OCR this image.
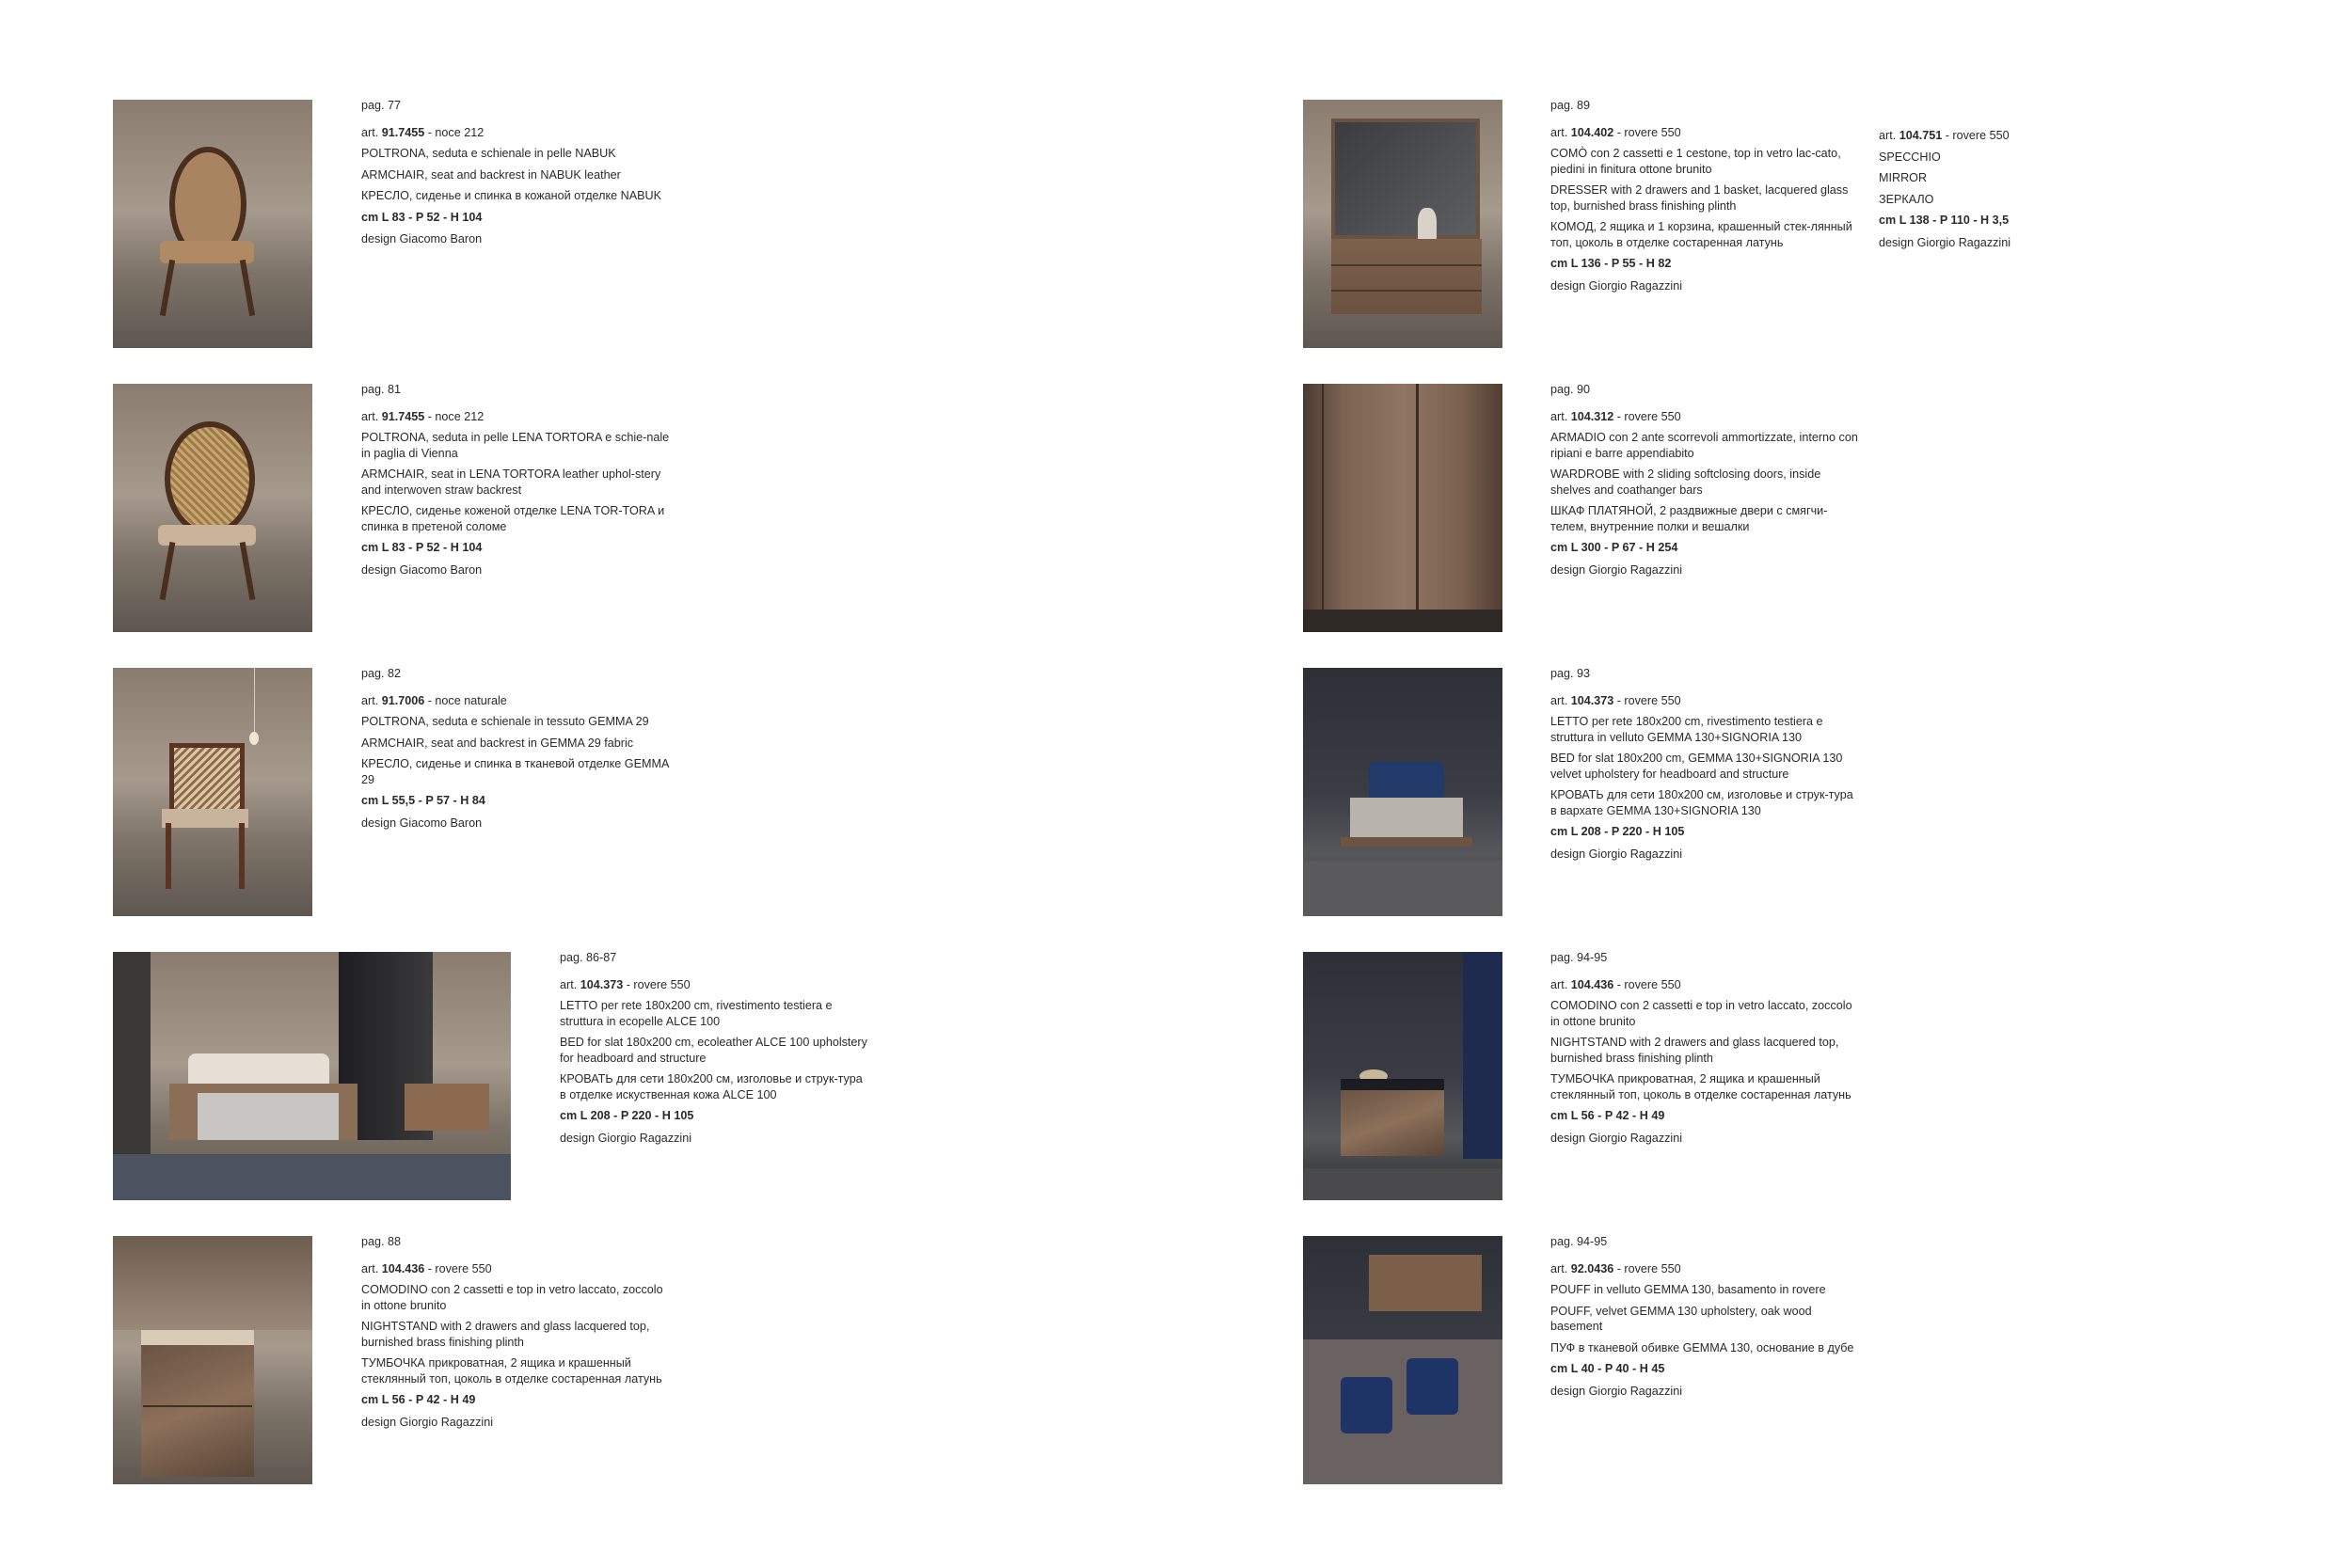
pag. 77
art. 91.7455 - noce 212
POLTRONA, seduta e schienale in pelle NABUK
ARMCHAIR, seat and backrest in NABUK leather
КРЕСЛО, сиденье и спинка в кожаной отделке NABUK
cm L 83 - P 52 - H 104
design Giacomo Baron
pag. 81
art. 91.7455 - noce 212
POLTRONA, seduta in pelle LENA TORTORA e schie-nale in paglia di Vienna
ARMCHAIR, seat in LENA TORTORA leather uphol-stery and interwoven straw backrest
КРЕСЛО, сиденье кожeной отделке LENA TOR-TORA и спинка в претеной соломе
cm L 83 - P 52 - H 104
design Giacomo Baron
pag. 82
art. 91.7006 - noce naturale
POLTRONA, seduta e schienale in tessuto GEMMA 29
ARMCHAIR, seat and backrest in GEMMA 29 fabric
КРЕСЛО, сиденье и спинка в тканевой отделке GEMMA 29
cm L 55,5 - P 57 - H 84
design Giacomo Baron
pag. 86-87
art. 104.373 - rovere 550
LETTO per rete 180x200 cm, rivestimento testiera e struttura in ecopelle ALCE 100
BED for slat 180x200 cm, ecoleather ALCE 100 upholstery for headboard and structure
КРОВАТЬ для сети 180x200 см, изголовье и струк-тура в отделке искуственная кожа ALCE 100
cm L 208 - P 220 - H 105
design Giorgio Ragazzini
pag. 88
art. 104.436 - rovere 550
COMODINO con 2 cassetti e top in vetro laccato, zoccolo in ottone brunito
NIGHTSTAND with 2 drawers and glass lacquered top, burnished brass finishing plinth
ТУМБОЧКА прикроватная, 2 ящика и крашенный стеклянный топ, цоколь в отделке состаренная латунь
cm L 56 - P 42 - H 49
design Giorgio Ragazzini
pag. 89
art. 104.402 - rovere 550
COMÒ con 2 cassetti e 1 cestone, top in vetro lac-cato, piedini in finitura ottone brunito
DRESSER with 2 drawers and 1 basket, lacquered glass top, burnished brass finishing plinth
КОМОД, 2 ящика и 1 корзина, крашенный стек-лянный топ, цоколь в отделке состаренная латунь
cm L 136 - P 55 - H 82
design Giorgio Ragazzini
art. 104.751 - rovere 550
SPECCHIO
MIRROR
ЗЕРКАЛО
cm L 138 - P 110 - H 3,5
design Giorgio Ragazzini
pag. 90
art. 104.312 - rovere 550
ARMADIO con 2 ante scorrevoli ammortizzate, interno con ripiani e barre appendiabito
WARDROBE with 2 sliding softclosing doors, inside shelves and coathanger bars
ШКАФ ПЛАТЯНОЙ, 2 раздвижные двери с смягчи-телем, внутренние полки и вешалки
cm L 300 - P 67 - H 254
design Giorgio Ragazzini
pag. 93
art. 104.373 - rovere 550
LETTO per rete 180x200 cm, rivestimento testiera e struttura in velluto GEMMA 130+SIGNORIA 130
BED for slat 180x200 cm, GEMMA 130+SIGNORIA 130 velvet upholstery for headboard and structure
КРОВАТЬ для сети 180x200 см, изголовье и струк-тура в вархате GEMMA 130+SIGNORIA 130
cm L 208 - P 220 - H 105
design Giorgio Ragazzini
pag. 94-95
art. 104.436 - rovere 550
COMODINO con 2 cassetti e top in vetro laccato, zoccolo in ottone brunito
NIGHTSTAND with 2 drawers and glass lacquered top, burnished brass finishing plinth
ТУМБОЧКА прикроватная, 2 ящика и крашенный стеклянный топ, цоколь в отделке состаренная латунь
cm L 56 - P 42 - H 49
design Giorgio Ragazzini
pag. 94-95
art. 92.0436 - rovere 550
POUFF in velluto GEMMA 130, basamento in rovere
POUFF, velvet GEMMA 130 upholstery, oak wood basement
ПУФ в тканевой обивке GEMMA 130, основание в дубе
cm L 40 - P 40 - H 45
design Giorgio Ragazzini
